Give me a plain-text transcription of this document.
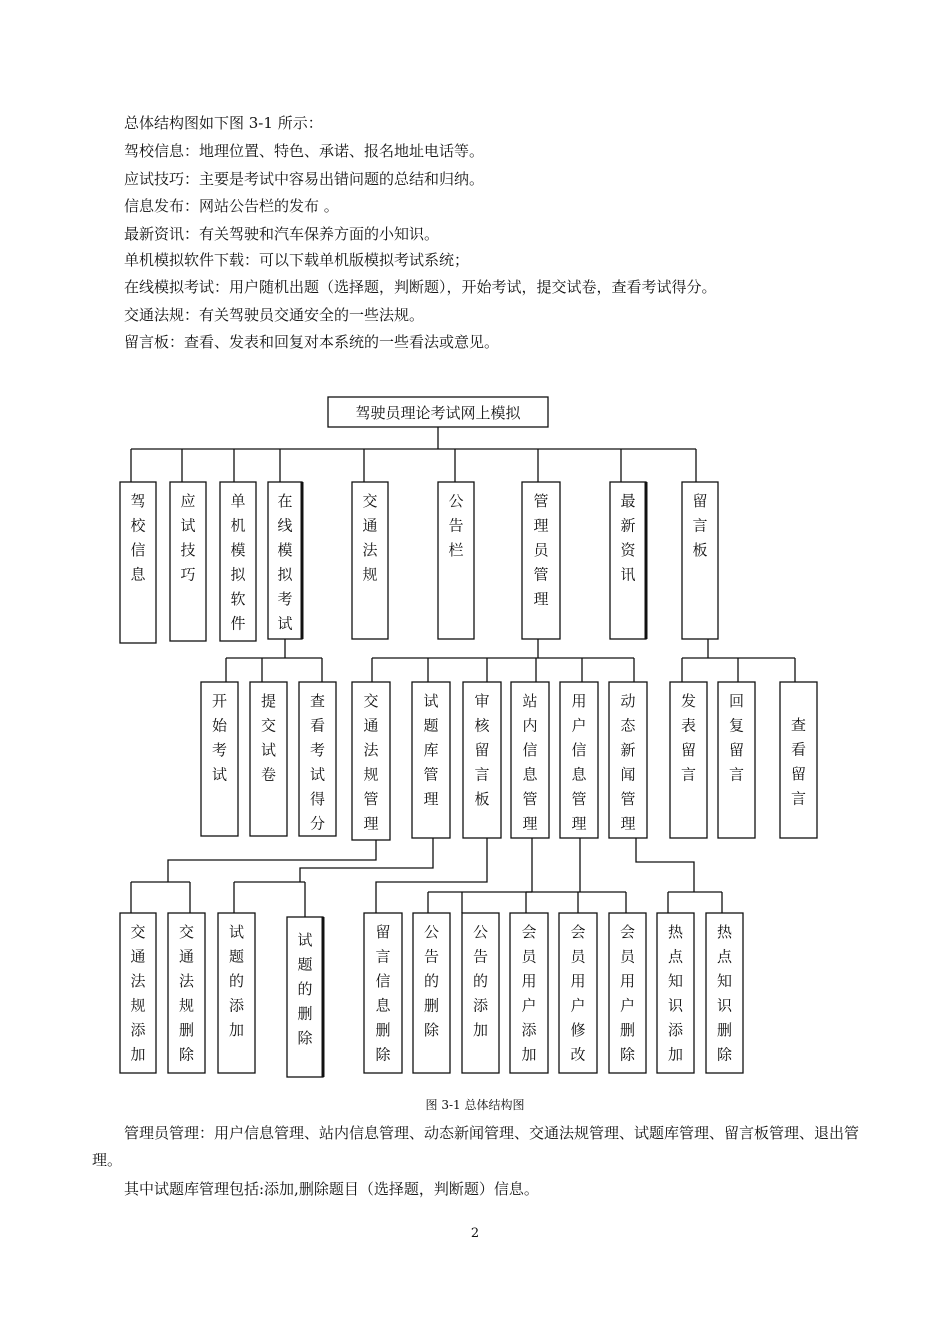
总体结构图如下图 3-1 所示：

驾校信息：地理位置、特色、承诺、报名地址电话等。

应试技巧：主要是考试中容易出错问题的总结和归纳。

信息发布：网站公告栏的发布 。

最新资讯：有关驾驶和汽车保养方面的小知识。

单机模拟软件下载：可以下载单机版模拟考试系统；

在线模拟考试：用户随机出题（选择题，判断题），开始考试，提交试卷，查看考试得分。

交通法规：有关驾驶员交通安全的一些法规。

留言板：查看、发表和回复对本系统的一些看法或意见。

驾驶员理论考试网上模拟
驾
校
信
息
应
试
技
巧
单
机
模
拟
软
件
在
线
模
拟
考
试
交
通
法
规
公
告
栏
管
理
员
管
理
最
新
资
讯
留
言
板
开
始
考
试
提
交
试
卷
查
看
考
试
得
分
交
通
法
规
管
理
试
题
库
管
理
审
核
留
言
板
站
内
信
息
管
理
用
户
信
息
管
理
动
态
新
闻
管
理
发
表
留
言
回
复
留
言
查
看
留
言
交
通
法
规
添
加
交
通
法
规
删
除
试
题
的
添
加
试
题
的
删
除
留
言
信
息
删
除
公
告
的
删
除
公
告
的
添
加
会
员
用
户
添
加
会
员
用
户
修
改
会
员
用
户
删
除
热
点
知
识
添
加
热
点
知
识
删
除

图 3-1 总体结构图

管理员管理：用户信息管理、站内信息管理、动态新闻管理、交通法规管理、试题库管理、留言板管理、退出管理。

其中试题库管理包括:添加,删除题目（选择题，判断题）信息。

2
